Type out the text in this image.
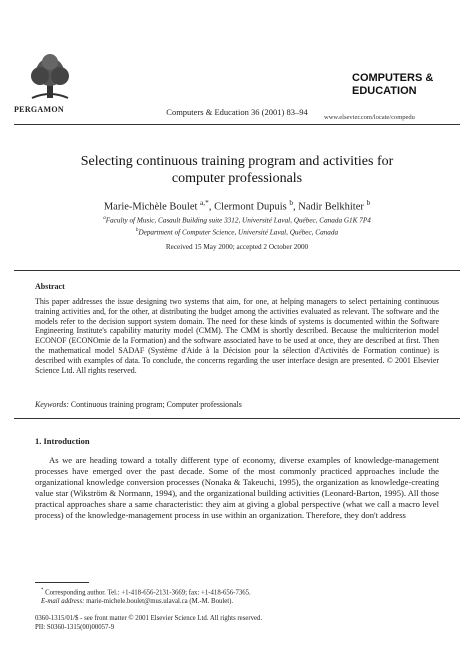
PERGAMON	Computers & Education 36 (2001) 83–94
COMPUTERS &
EDUCATION
www.elsevier.com/locate/compedu
Selecting continuous training program and activities for
computer professionals
Marie-Michèle Boulet $^{a,*}$, Clermont Dupuis $^b$, Nadir Belkhiter $^b$
$^a$Faculty of Music, Casault Building suite 3312, Université Laval, Québec, Canada G1K 7P4
$^b$Department of Computer Science, Université Laval, Québec, Canada
Received 15 May 2000; accepted 2 October 2000
Abstract
This paper addresses the issue designing two systems that aim, for one, at helping managers to select pertaining continuous training activities and, for the other, at distributing the budget among the activities evaluated as relevant. The software and the models refer to the decision support system domain. The need for these kinds of systems is documented within the Software Engineering Institute's capability maturity model (CMM). The CMM is shortly described. Because the multicriterion model ECONOF (ECONOmie de la Formation) and the software associated have to be used at once, they are described at first. Then the mathematical model SADAF (Système d'Aide à la Décision pour la sélection d'Activités de Formation continue) is described with examples of data. To conclude, the concerns regarding the user interface design are presented. © 2001 Elsevier Science Ltd. All rights reserved.
Keywords: Continuous training program; Computer professionals
1. Introduction
As we are heading toward a totally different type of economy, diverse examples of knowledge-management processes have emerged over the past decade. Some of the most commonly practiced approaches include the organizational knowledge conversion processes (Nonaka & Takeuchi, 1995), the organization as knowledge-creating value star (Wikström & Normann, 1994), and the organizational building activities (Leonard-Barton, 1995). All those practical approaches share a same characteristic: they aim at giving a global perspective (what we call a macro level process) of the knowledge-management process in use within an organization. Therefore, they don't address
* Corresponding author. Tel.: +1-418-656-2131-3669; fax: +1-418-656-7365.
E-mail address: marie-michele.boulet@mus.ulaval.ca (M.-M. Boulet).
0360-1315/01/$ - see front matter © 2001 Elsevier Science Ltd. All rights reserved.
PII: S0360-1315(00)00057-9
